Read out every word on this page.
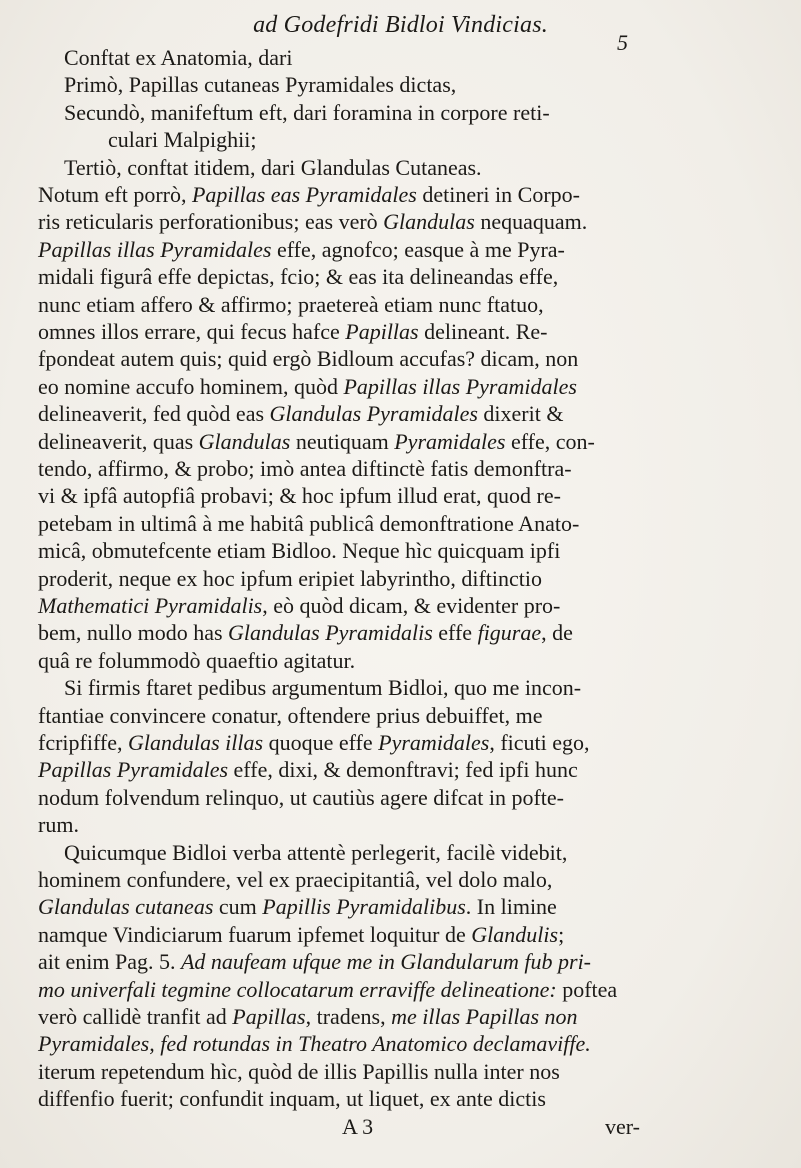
ad Godefridi Bidloi Vindicias.
5
Conftat ex Anatomia, dari
Primò, Papillas cutaneas Pyramidales dictas,
Secundò, manifeftum eft, dari foramina in corpore reti-
culari Malpighii;
Tertiò, conftat itidem, dari Glandulas Cutaneas.
Notum eft porrò, Papillas eas Pyramidales detineri in Corpo-
ris reticularis perforationibus; eas verò Glandulas nequaquam.
Papillas illas Pyramidales effe, agnofco; easque à me Pyra-
midali figurâ effe depictas, fcio; & eas ita delineandas effe,
nunc etiam affero & affirmo; praetereà etiam nunc ftatuo,
omnes illos errare, qui fecus hafce Papillas delineant. Re-
fpondeat autem quis; quid ergò Bidloum accufas? dicam, non
eo nomine accufo hominem, quòd Papillas illas Pyramidales
delineaverit, fed quòd eas Glandulas Pyramidales dixerit &
delineaverit, quas Glandulas neutiquam Pyramidales effe, con-
tendo, affirmo, & probo; imò antea diftinctè fatis demonftra-
vi & ipfâ autopfiâ probavi; & hoc ipfum illud erat, quod re-
petebam in ultimâ à me habitâ publicâ demonftratione Anato-
micâ, obmutefcente etiam Bidloo. Neque hìc quicquam ipfi
proderit, neque ex hoc ipfum eripiet labyrintho, diftinctio
Mathematici Pyramidalis, eò quòd dicam, & evidenter pro-
bem, nullo modo has Glandulas Pyramidalis effe figurae, de
quâ re folummodò quaeftio agitatur.
Si firmis ftaret pedibus argumentum Bidloi, quo me incon-
ftantiae convincere conatur, oftendere prius debuiffet, me
fcripfiffe, Glandulas illas quoque effe Pyramidales, ficuti ego,
Papillas Pyramidales effe, dixi, & demonftravi; fed ipfi hunc
nodum folvendum relinquo, ut cautiùs agere difcat in pofte-
rum.
Quicumque Bidloi verba attentè perlegerit, facilè videbit,
hominem confundere, vel ex praecipitantiâ, vel dolo malo,
Glandulas cutaneas cum Papillis Pyramidalibus. In limine
namque Vindiciarum fuarum ipfemet loquitur de Glandulis;
ait enim Pag. 5. Ad naufeam ufque me in Glandularum fub pri-
mo univerfali tegmine collocatarum erraviffe delineatione: poftea
verò callidè tranfit ad Papillas, tradens, me illas Papillas non
Pyramidales, fed rotundas in Theatro Anatomico declamaviffe.
iterum repetendum hìc, quòd de illis Papillis nulla inter nos
diffenfio fuerit; confundit inquam, ut liquet, ex ante dictis
A 3	ver-
